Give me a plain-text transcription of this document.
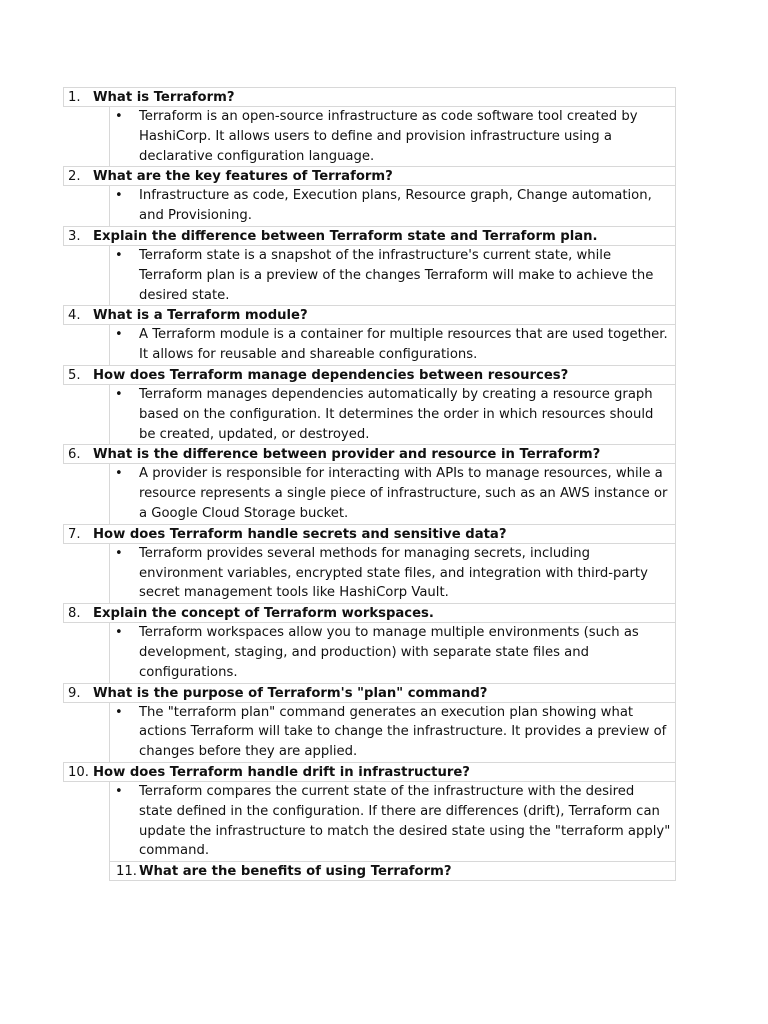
1. What is Terraform?
• Terraform is an open-source infrastructure as code software tool created by HashiCorp. It allows users to define and provision infrastructure using a declarative configuration language.
2. What are the key features of Terraform?
• Infrastructure as code, Execution plans, Resource graph, Change automation, and Provisioning.
3. Explain the difference between Terraform state and Terraform plan.
• Terraform state is a snapshot of the infrastructure's current state, while Terraform plan is a preview of the changes Terraform will make to achieve the desired state.
4. What is a Terraform module?
• A Terraform module is a container for multiple resources that are used together. It allows for reusable and shareable configurations.
5. How does Terraform manage dependencies between resources?
• Terraform manages dependencies automatically by creating a resource graph based on the configuration. It determines the order in which resources should be created, updated, or destroyed.
6. What is the difference between provider and resource in Terraform?
• A provider is responsible for interacting with APIs to manage resources, while a resource represents a single piece of infrastructure, such as an AWS instance or a Google Cloud Storage bucket.
7. How does Terraform handle secrets and sensitive data?
• Terraform provides several methods for managing secrets, including environment variables, encrypted state files, and integration with third-party secret management tools like HashiCorp Vault.
8. Explain the concept of Terraform workspaces.
• Terraform workspaces allow you to manage multiple environments (such as development, staging, and production) with separate state files and configurations.
9. What is the purpose of Terraform's "plan" command?
• The "terraform plan" command generates an execution plan showing what actions Terraform will take to change the infrastructure. It provides a preview of changes before they are applied.
10. How does Terraform handle drift in infrastructure?
• Terraform compares the current state of the infrastructure with the desired state defined in the configuration. If there are differences (drift), Terraform can update the infrastructure to match the desired state using the "terraform apply" command.
11. What are the benefits of using Terraform?
